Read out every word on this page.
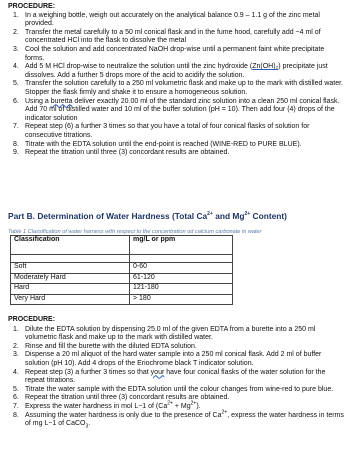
PROCEDURE:
1. In a weighing bottle, weigh out accurately on the analytical balance 0.9 – 1.1 g of the zinc metal provided.
2. Transfer the metal carefully to a 50 ml conical flask and in the fume hood, carefully add ~4 ml of concentrated HCl into the flask to dissolve the metal
3. Cool the solution and add concentrated NaOH drop-wise until a permanent faint white precipitate forms.
4. Add 5 M HCl drop-wise to neutralize the solution until the zinc hydroxide (Zn(OH)₂) precipitate just dissolves. Add a further 5 drops more of the acid to acidify the solution.
5. Transfer the solution carefully to a 250 ml volumetric flask and make up to the mark with distilled water. Stopper the flask firmly and shake it to ensure a homogeneous solution.
6. Using a buretta deliver exactly 20.00 ml of the standard zinc solution into a clean 250 ml conical flask. Add 70 ml of distilled water and 10 ml of the buffer solution (pH = 10). Then add four (4) drops of the indicator solution
7. Repeat step (6) a further 3 times so that you have a total of four conical flasks of solution for consecutive titrations.
8. Titrate with the EDTA solution until the end-point is reached (WINE-RED to PURE BLUE).
9. Repeat the titration until three (3) concordant results are obtained.
Part B. Determination of Water Hardness (Total $Ca^{2+}$ and $Mg^{2+}$ Content)
Table 1 Classification of water harness with respect to the concentration od calcium carbonate in water
Classification	mg/L or ppm

Soft	0-60
Moderately Hard	61-120
Hard	121-180
Very Hard	> 180
PROCEDURE:
1. Dilute the EDTA solution by dispensing 25.0 ml of the given EDTA from a burette into a 250 ml volumetric flask and make up to the mark with distilled water.
2. Rinse and fill the burette with the diluted EDTA solution.
3. Dispense a 20 ml aliquot of the hard water sample into a 250 ml conical flask. Add 2 ml of buffer solution (pH 10). Add 4 drops of the Eriochrome black T indicator solution.
4. Repeat step (3) a further 3 times so that your have four conical flasks of the water solution for the repeat titrations.
5. Titrate the water sample with the EDTA solution until the colour changes from wine-red to pure blue.
6. Repeat the titration until three (3) concordant results are obtained.
7. Express the water hardness in mol L−1 of $(Ca^{2+} + Mg^{2+})$.
8. Assuming the water hardness is only due to the presence of $Ca^{2+}$, express the water hardness in terms of mg L−1 of CaCO$_3$.
